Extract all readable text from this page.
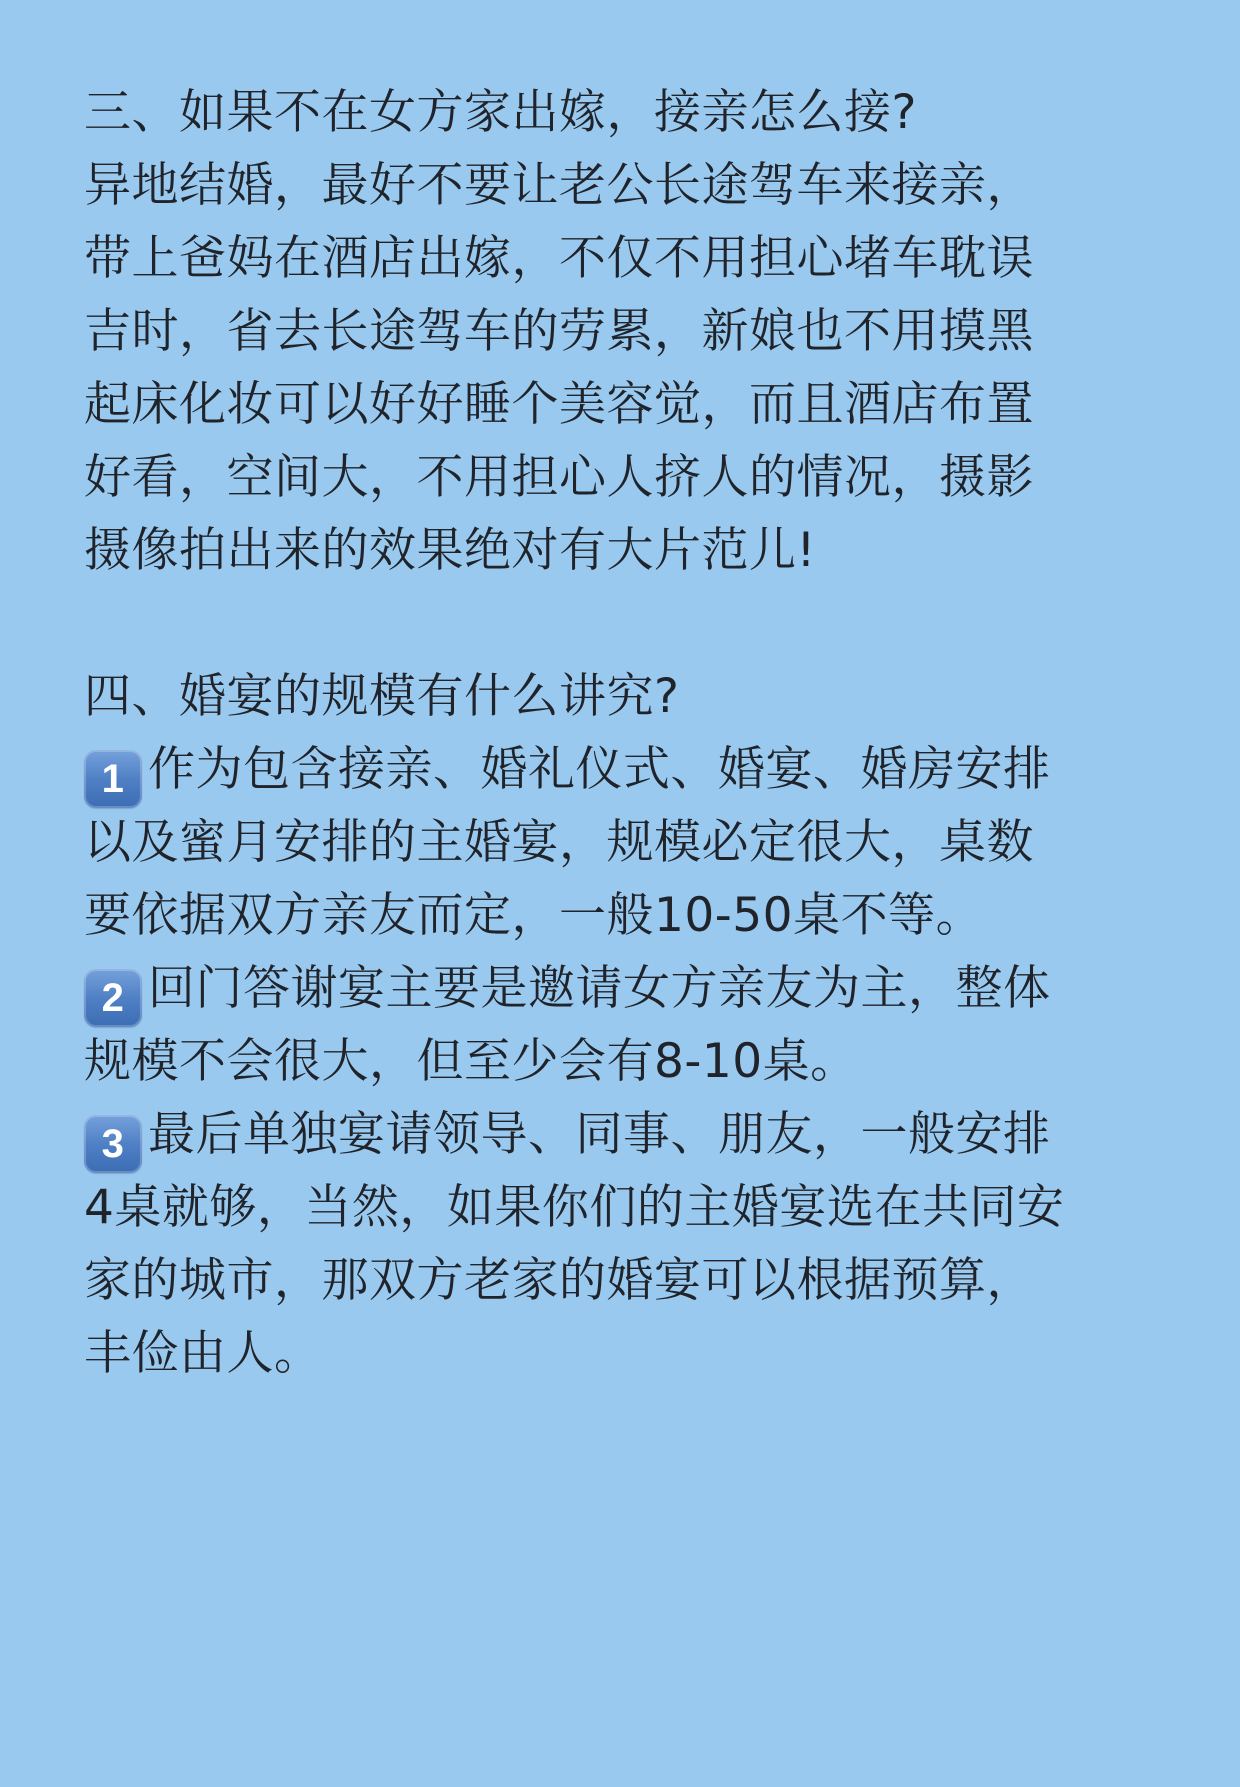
三、如果不在女方家出嫁，接亲怎么接?
异地结婚，最好不要让老公长途驾车来接亲，
带上爸妈在酒店出嫁，不仅不用担心堵车耽误
吉时，省去长途驾车的劳累，新娘也不用摸黑
起床化妆可以好好睡个美容觉，而且酒店布置
好看，空间大，不用担心人挤人的情况，摄影
摄像拍出来的效果绝对有大片范儿!
四、婚宴的规模有什么讲究?
1 作为包含接亲、婚礼仪式、婚宴、婚房安排
以及蜜月安排的主婚宴，规模必定很大，桌数
要依据双方亲友而定，一般10-50桌不等。
2 回门答谢宴主要是邀请女方亲友为主，整体
规模不会很大，但至少会有8-10桌。
3 最后单独宴请领导、同事、朋友，一般安排
4桌就够，当然，如果你们的主婚宴选在共同安
家的城市，那双方老家的婚宴可以根据预算，
丰俭由人。
